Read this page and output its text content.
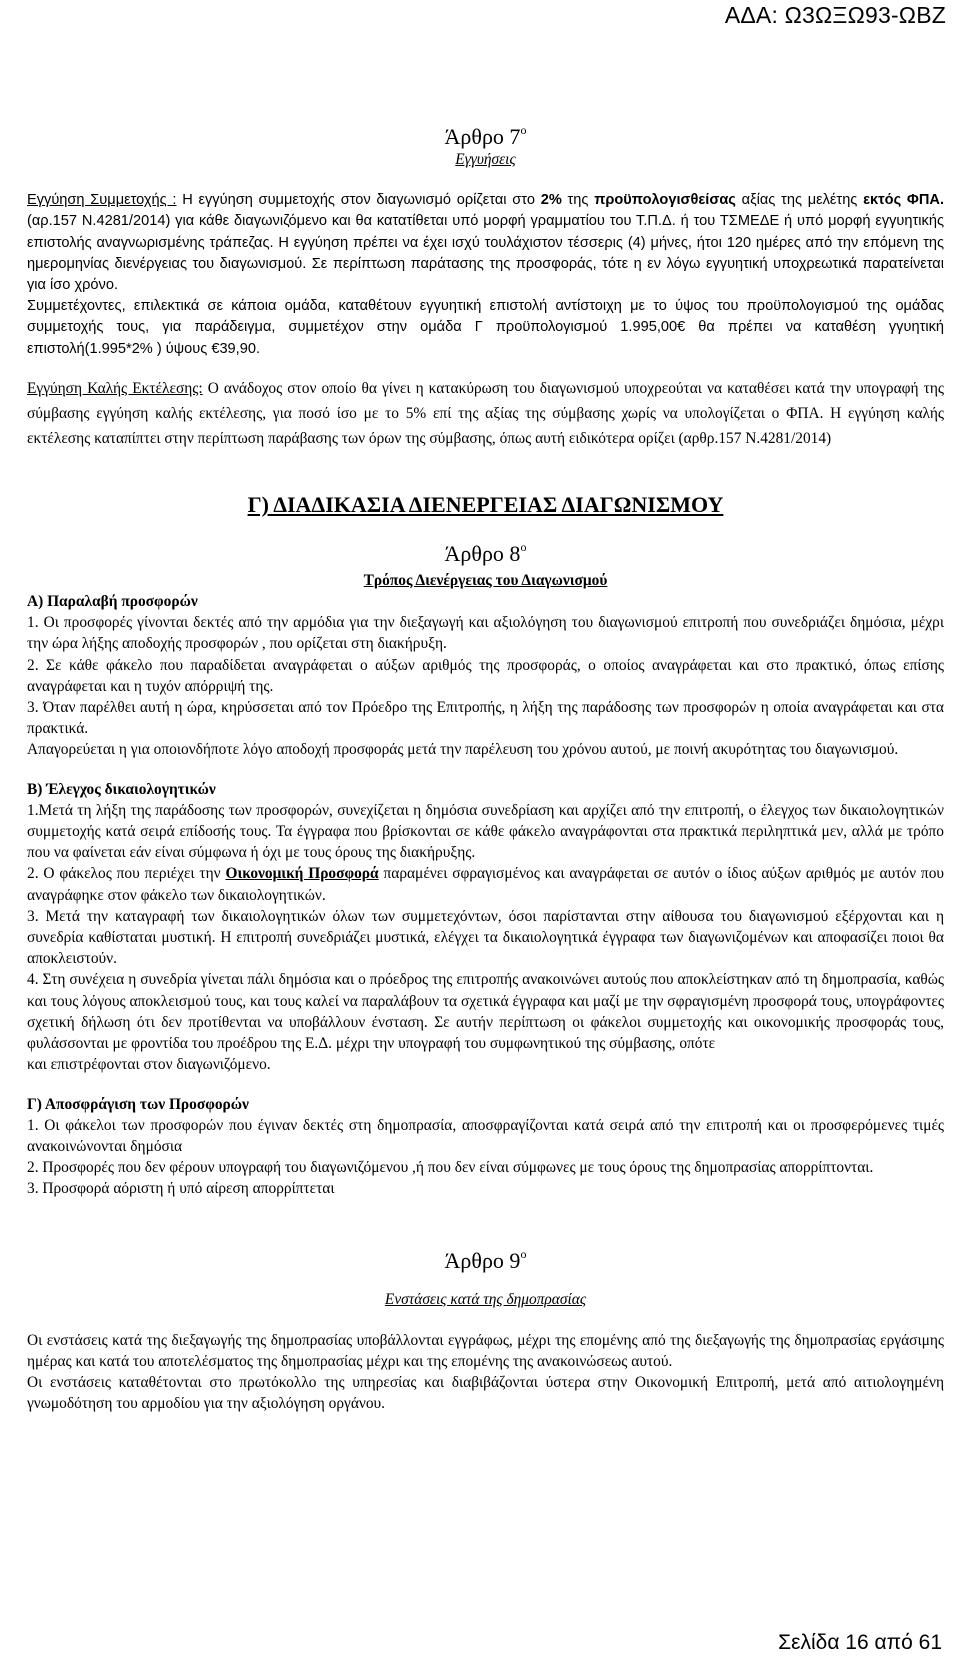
ΑΔΑ: Ω3ΩΞΩ93-ΩΒΖ
Άρθρο $7^o$
Εγγυήσεις

Εγγύηση Συμμετοχής : Η εγγύηση συμμετοχής στον διαγωνισμό ορίζεται στο 2% της προϋπολογισθείσας αξίας της μελέτης εκτός ΦΠΑ. (αρ.157 Ν.4281/2014) για κάθε διαγωνιζόμενο και θα κατατίθεται υπό μορφή γραμματίου του Τ.Π.Δ. ή του ΤΣΜΕΔΕ ή υπό μορφή εγγυητικής επιστολής αναγνωρισμένης τράπεζας. Η εγγύηση πρέπει να έχει ισχύ τουλάχιστον τέσσερις (4) μήνες, ήτοι 120 ημέρες από την επόμενη της ημερομηνίας διενέργειας του διαγωνισμού. Σε περίπτωση παράτασης της προσφοράς, τότε η εν λόγω εγγυητική υποχρεωτικά παρατείνεται για ίσο χρόνο.

Συμμετέχοντες, επιλεκτικά σε κάποια ομάδα, καταθέτουν εγγυητική επιστολή αντίστοιχη με το ύψος του προϋπολογισμού της ομάδας συμμετοχής τους, για παράδειγμα, συμμετέχον στην ομάδα Γ προϋπολογισμού 1.995,00€ θα πρέπει να καταθέση γγυητική επιστολή(1.995*2% ) ύψους €39,90.

Εγγύηση Καλής Εκτέλεσης: Ο ανάδοχος στον οποίο θα γίνει η κατακύρωση του διαγωνισμού υποχρεούται να καταθέσει κατά την υπογραφή της σύμβασης εγγύηση καλής εκτέλεσης, για ποσό ίσο με το 5% επί της αξίας της σύμβασης χωρίς να υπολογίζεται ο ΦΠΑ. Η εγγύηση καλής εκτέλεσης καταπίπτει στην περίπτωση παράβασης των όρων της σύμβασης, όπως αυτή ειδικότερα ορίζει (αρθρ.157 Ν.4281/2014)

Γ) ΔΙΑΔΙΚΑΣΙΑ ΔΙΕΝΕΡΓΕΙΑΣ ΔΙΑΓΩΝΙΣΜΟΥ
Άρθρο $8^o$
Τρόπος Διενέργειας του Διαγωνισμού
Α) Παραλαβή προσφορών

1. Οι προσφορές γίνονται δεκτές από την αρμόδια για την διεξαγωγή και αξιολόγηση του διαγωνισμού επιτροπή που συνεδριάζει δημόσια, μέχρι την ώρα λήξης αποδοχής προσφορών , που ορίζεται στη διακήρυξη.

2. Σε κάθε φάκελο που παραδίδεται αναγράφεται ο αύξων αριθμός της προσφοράς, ο οποίος αναγράφεται και στο πρακτικό, όπως επίσης αναγράφεται και η τυχόν απόρριψή της.

3. Όταν παρέλθει αυτή η ώρα, κηρύσσεται από τον Πρόεδρο της Επιτροπής, η λήξη της παράδοσης των προσφορών η οποία αναγράφεται και στα πρακτικά.

Απαγορεύεται η για οποιονδήποτε λόγο αποδοχή προσφοράς μετά την παρέλευση του χρόνου αυτού, με ποινή ακυρότητας του διαγωνισμού.

Β) Έλεγχος δικαιολογητικών

1.Μετά τη λήξη της παράδοσης των προσφορών, συνεχίζεται η δημόσια συνεδρίαση και αρχίζει από την επιτροπή, ο έλεγχος των δικαιολογητικών συμμετοχής κατά σειρά επίδοσής τους. Τα έγγραφα που βρίσκονται σε κάθε φάκελο αναγράφονται στα πρακτικά περιληπτικά μεν, αλλά με τρόπο που να φαίνεται εάν είναι σύμφωνα ή όχι με τους όρους της διακήρυξης.

2. Ο φάκελος που περιέχει την Οικονομική Προσφορά παραμένει σφραγισμένος και αναγράφεται σε αυτόν ο ίδιος αύξων αριθμός με αυτόν που αναγράφηκε στον φάκελο των δικαιολογητικών.

3. Μετά την καταγραφή των δικαιολογητικών όλων των συμμετεχόντων, όσοι παρίστανται στην αίθουσα του διαγωνισμού εξέρχονται και η συνεδρία καθίσταται μυστική. Η επιτροπή συνεδριάζει μυστικά, ελέγχει τα δικαιολογητικά έγγραφα των διαγωνιζομένων και αποφασίζει ποιοι θα αποκλειστούν.

4. Στη συνέχεια η συνεδρία γίνεται πάλι δημόσια και ο πρόεδρος της επιτροπής ανακοινώνει αυτούς που αποκλείστηκαν από τη δημοπρασία, καθώς και τους λόγους αποκλεισμού τους, και τους καλεί να παραλάβουν τα σχετικά έγγραφα και μαζί με την σφραγισμένη προσφορά τους, υπογράφοντες σχετική δήλωση ότι δεν προτίθενται να υποβάλλουν ένσταση. Σε αυτήν περίπτωση οι φάκελοι συμμετοχής και οικονομικής προσφοράς τους, φυλάσσονται με φροντίδα του προέδρου της Ε.Δ. μέχρι την υπογραφή του συμφωνητικού της σύμβασης, οπότε

και επιστρέφονται στον διαγωνιζόμενο.

Γ) Αποσφράγιση των Προσφορών

1. Οι φάκελοι των προσφορών που έγιναν δεκτές στη δημοπρασία, αποσφραγίζονται κατά σειρά από την επιτροπή και οι προσφερόμενες τιμές ανακοινώνονται δημόσια

2. Προσφορές που δεν φέρουν υπογραφή του διαγωνιζόμενου ,ή που δεν είναι σύμφωνες με τους όρους της δημοπρασίας απορρίπτονται.

3. Προσφορά αόριστη ή υπό αίρεση απορρίπτεται

Άρθρο $9^o$
Ενστάσεις κατά της δημοπρασίας

Οι ενστάσεις κατά της διεξαγωγής της δημοπρασίας υποβάλλονται εγγράφως, μέχρι της επομένης από της διεξαγωγής της δημοπρασίας εργάσιμης ημέρας και κατά του αποτελέσματος της δημοπρασίας μέχρι και της επομένης της ανακοινώσεως αυτού.

Οι ενστάσεις καταθέτονται στο πρωτόκολλο της υπηρεσίας και διαβιβάζονται ύστερα στην Οικονομική Επιτροπή, μετά από αιτιολογημένη γνωμοδότηση του αρμοδίου για την αξιολόγηση οργάνου.

Σελίδα 16 από 61
